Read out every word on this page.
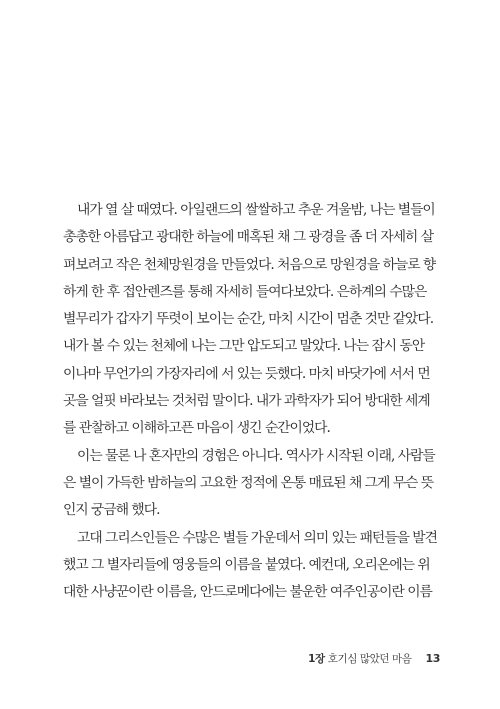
내가 열 살 때였다. 아일랜드의 쌀쌀하고 추운 겨울밤, 나는 별들이
총총한 아름답고 광대한 하늘에 매혹된 채 그 광경을 좀 더 자세히 살
펴보려고 작은 천체망원경을 만들었다. 처음으로 망원경을 하늘로 향
하게 한 후 접안렌즈를 통해 자세히 들여다보았다. 은하계의 수많은
별무리가 갑자기 뚜렷이 보이는 순간, 마치 시간이 멈춘 것만 같았다.
내가 볼 수 있는 천체에 나는 그만 압도되고 말았다. 나는 잠시 동안
이나마 무언가의 가장자리에 서 있는 듯했다. 마치 바닷가에 서서 먼
곳을 얼핏 바라보는 것처럼 말이다. 내가 과학자가 되어 방대한 세계
를 관찰하고 이해하고픈 마음이 생긴 순간이었다.

이는 물론 나 혼자만의 경험은 아니다. 역사가 시작된 이래, 사람들
은 별이 가득한 밤하늘의 고요한 정적에 온통 매료된 채 그게 무슨 뜻
인지 궁금해 했다.

고대 그리스인들은 수많은 별들 가운데서 의미 있는 패턴들을 발견
했고 그 별자리들에 영웅들의 이름을 붙였다. 예컨대, 오리온에는 위
대한 사냥꾼이란 이름을, 안드로메다에는 불운한 여주인공이란 이름

1장 호기심 많았던 마음 13
